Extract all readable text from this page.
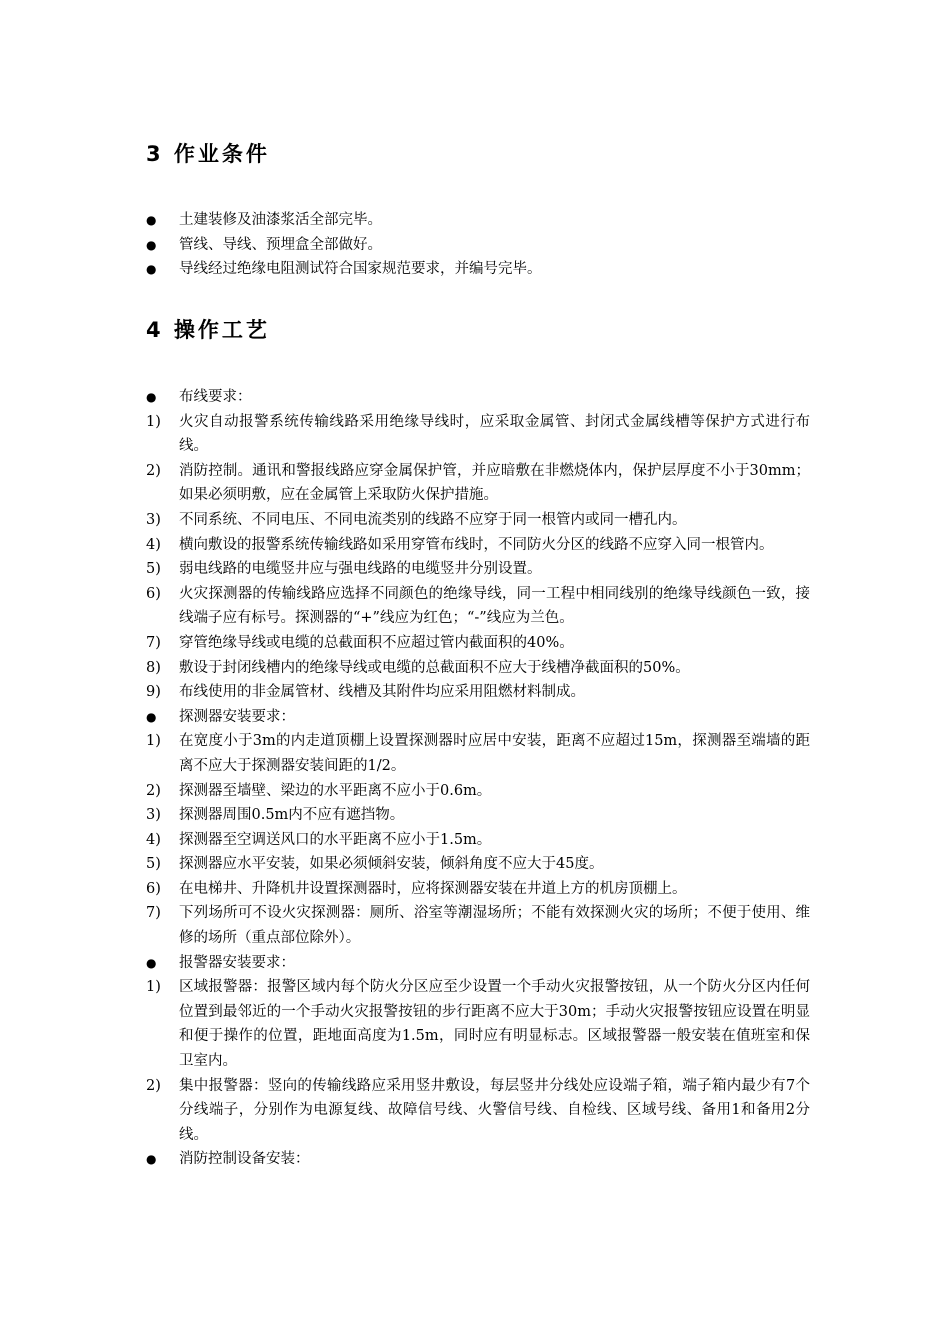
3 作业条件
●	土建装修及油漆浆活全部完毕。
●	管线、导线、预埋盒全部做好。
●	导线经过绝缘电阻测试符合国家规范要求，并编号完毕。
4 操作工艺
●	布线要求：
1)	火灾自动报警系统传输线路采用绝缘导线时，应采取金属管、封闭式金属线槽等保护方式进行布线。
2)	消防控制。通讯和警报线路应穿金属保护管，并应暗敷在非燃烧体内，保护层厚度不小于30mm；如果必须明敷，应在金属管上采取防火保护措施。
3)	不同系统、不同电压、不同电流类别的线路不应穿于同一根管内或同一槽孔内。
4)	横向敷设的报警系统传输线路如采用穿管布线时，不同防火分区的线路不应穿入同一根管内。
5)	弱电线路的电缆竖井应与强电线路的电缆竖井分别设置。
6)	火灾探测器的传输线路应选择不同颜色的绝缘导线，同一工程中相同线别的绝缘导线颜色一致，接线端子应有标号。探测器的“+”线应为红色；“-”线应为兰色。
7)	穿管绝缘导线或电缆的总截面积不应超过管内截面积的40%。
8)	敷设于封闭线槽内的绝缘导线或电缆的总截面积不应大于线槽净截面积的50%。
9)	布线使用的非金属管材、线槽及其附件均应采用阻燃材料制成。
●	探测器安装要求：
1)	在宽度小于3m的内走道顶棚上设置探测器时应居中安装，距离不应超过15m，探测器至端墙的距离不应大于探测器安装间距的1/2。
2)	探测器至墙壁、梁边的水平距离不应小于0.6m。
3)	探测器周围0.5m内不应有遮挡物。
4)	探测器至空调送风口的水平距离不应小于1.5m。
5)	探测器应水平安装，如果必须倾斜安装，倾斜角度不应大于45度。
6)	在电梯井、升降机井设置探测器时，应将探测器安装在井道上方的机房顶棚上。
7)	下列场所可不设火灾探测器：厕所、浴室等潮湿场所；不能有效探测火灾的场所；不便于使用、维修的场所（重点部位除外）。
●	报警器安装要求：
1)	区域报警器：报警区域内每个防火分区应至少设置一个手动火灾报警按钮，从一个防火分区内任何位置到最邻近的一个手动火灾报警按钮的步行距离不应大于30m；手动火灾报警按钮应设置在明显和便于操作的位置，距地面高度为1.5m，同时应有明显标志。区域报警器一般安装在值班室和保卫室内。
2)	集中报警器：竖向的传输线路应采用竖井敷设，每层竖井分线处应设端子箱，端子箱内最少有7个分线端子，分别作为电源复线、故障信号线、火警信号线、自检线、区域号线、备用1和备用2分线。
●	消防控制设备安装：
